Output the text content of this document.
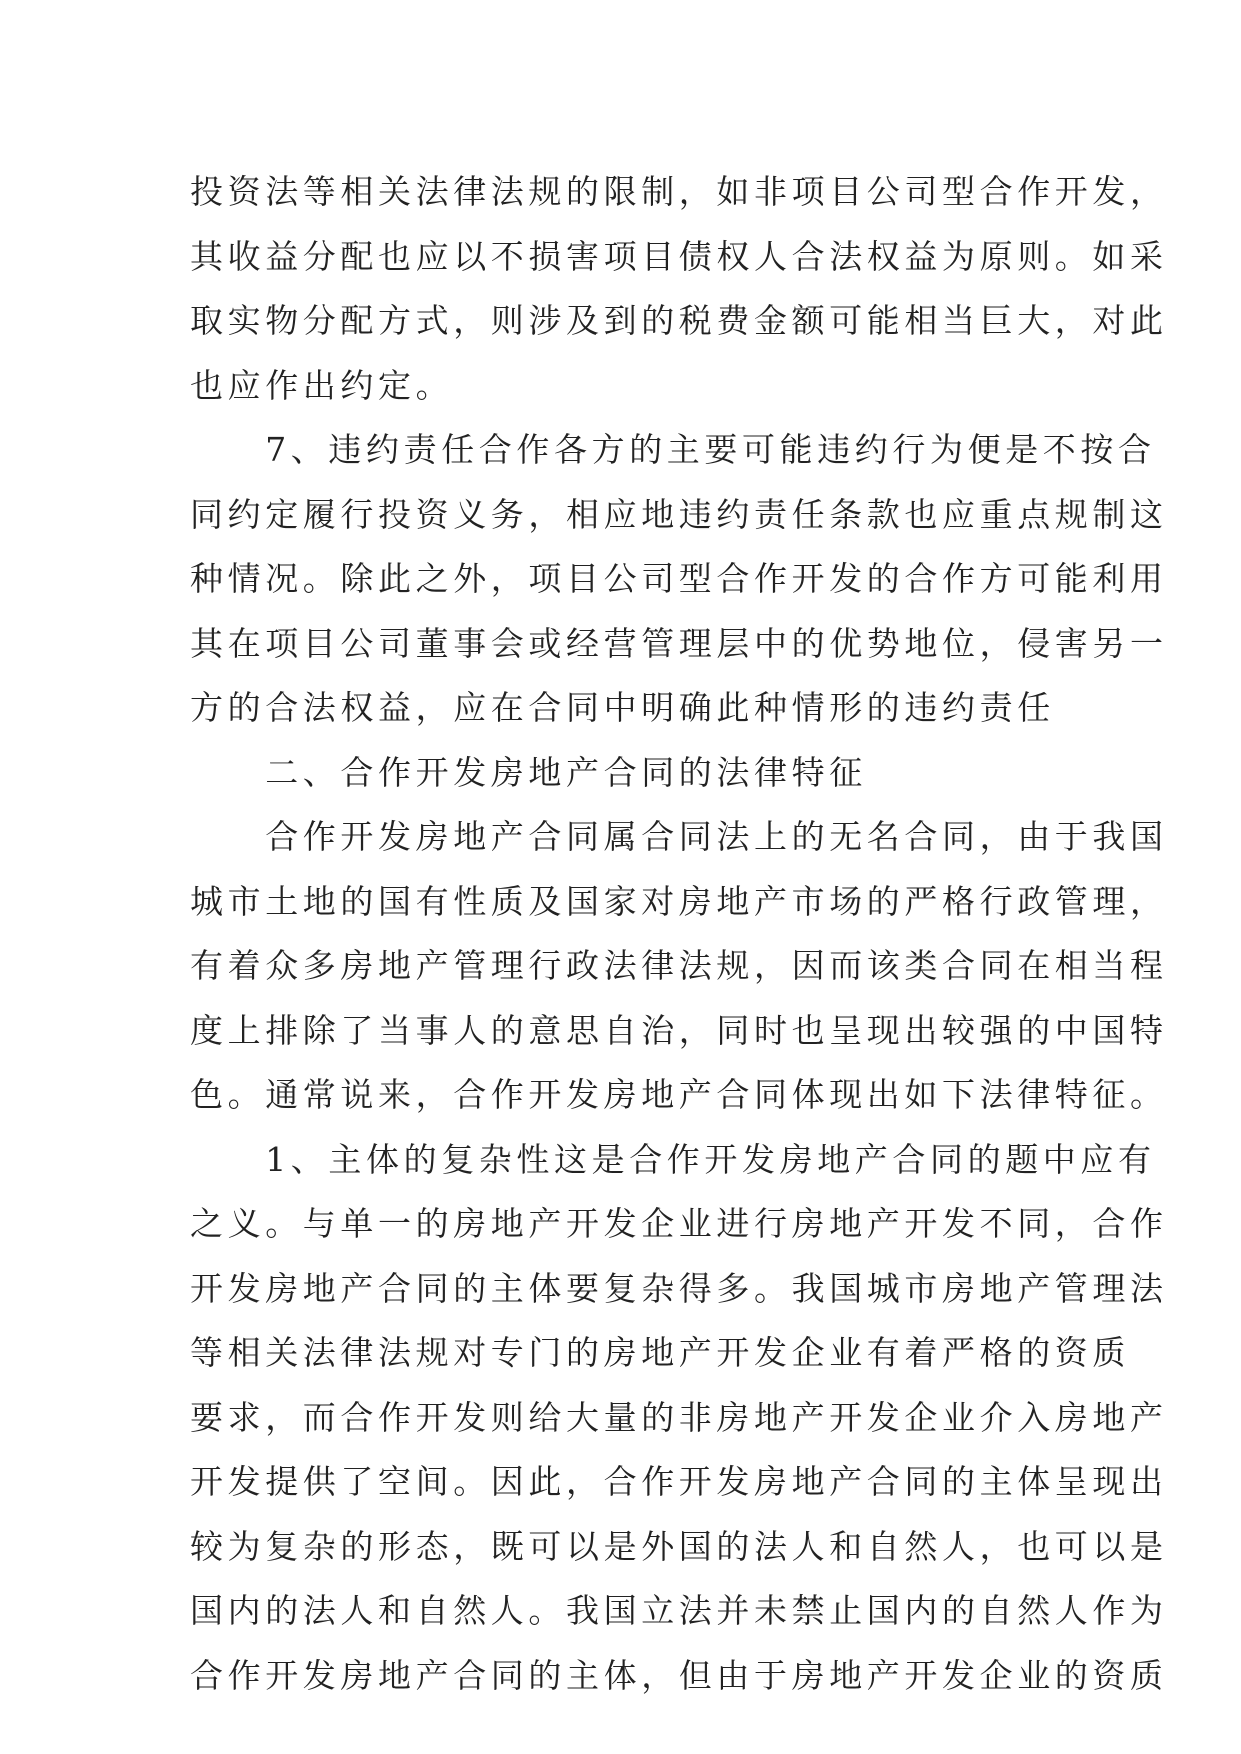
投资法等相关法律法规的限制，如非项目公司型合作开发，

其收益分配也应以不损害项目债权人合法权益为原则。如采

取实物分配方式，则涉及到的税费金额可能相当巨大，对此

也应作出约定。

　　7、违约责任合作各方的主要可能违约行为便是不按合

同约定履行投资义务，相应地违约责任条款也应重点规制这

种情况。除此之外，项目公司型合作开发的合作方可能利用

其在项目公司董事会或经营管理层中的优势地位，侵害另一

方的合法权益，应在合同中明确此种情形的违约责任

　　二、合作开发房地产合同的法律特征

　　合作开发房地产合同属合同法上的无名合同，由于我国

城市土地的国有性质及国家对房地产市场的严格行政管理，

有着众多房地产管理行政法律法规，因而该类合同在相当程

度上排除了当事人的意思自治，同时也呈现出较强的中国特

色。通常说来，合作开发房地产合同体现出如下法律特征。

　　1、主体的复杂性这是合作开发房地产合同的题中应有

之义。与单一的房地产开发企业进行房地产开发不同，合作

开发房地产合同的主体要复杂得多。我国城市房地产管理法

等相关法律法规对专门的房地产开发企业有着严格的资质

要求，而合作开发则给大量的非房地产开发企业介入房地产

开发提供了空间。因此，合作开发房地产合同的主体呈现出

较为复杂的形态，既可以是外国的法人和自然人，也可以是

国内的法人和自然人。我国立法并未禁止国内的自然人作为

合作开发房地产合同的主体，但由于房地产开发企业的资质
